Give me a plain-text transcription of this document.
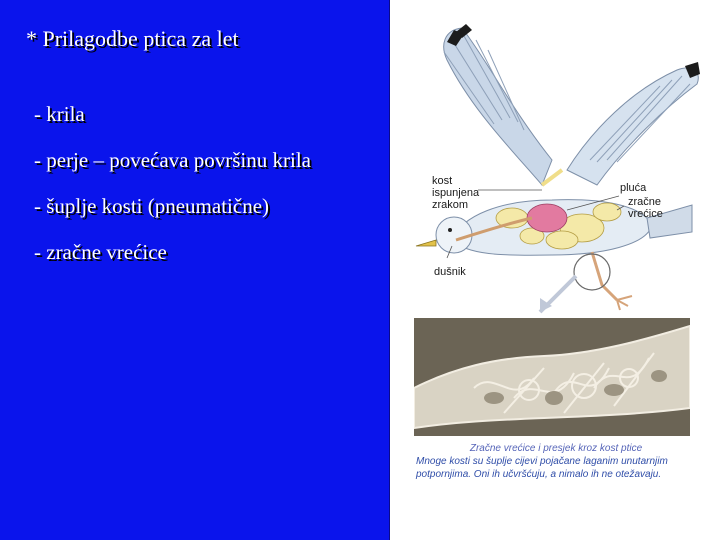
* Prilagodbe ptica za let
- krila
- perje – povećava površinu krila
- šuplje kosti (pneumatične)
- zračne vrećice
kost
ispunjena
zrakom
pluća
zračne
vrećice
dušnik
Zračne vrećice i presjek kroz kost ptice
Mnoge kosti su šuplje cijevi pojačane laganim unutarnjim potpornjima. Oni ih učvršćuju, a nimalo ih ne otežavaju.
